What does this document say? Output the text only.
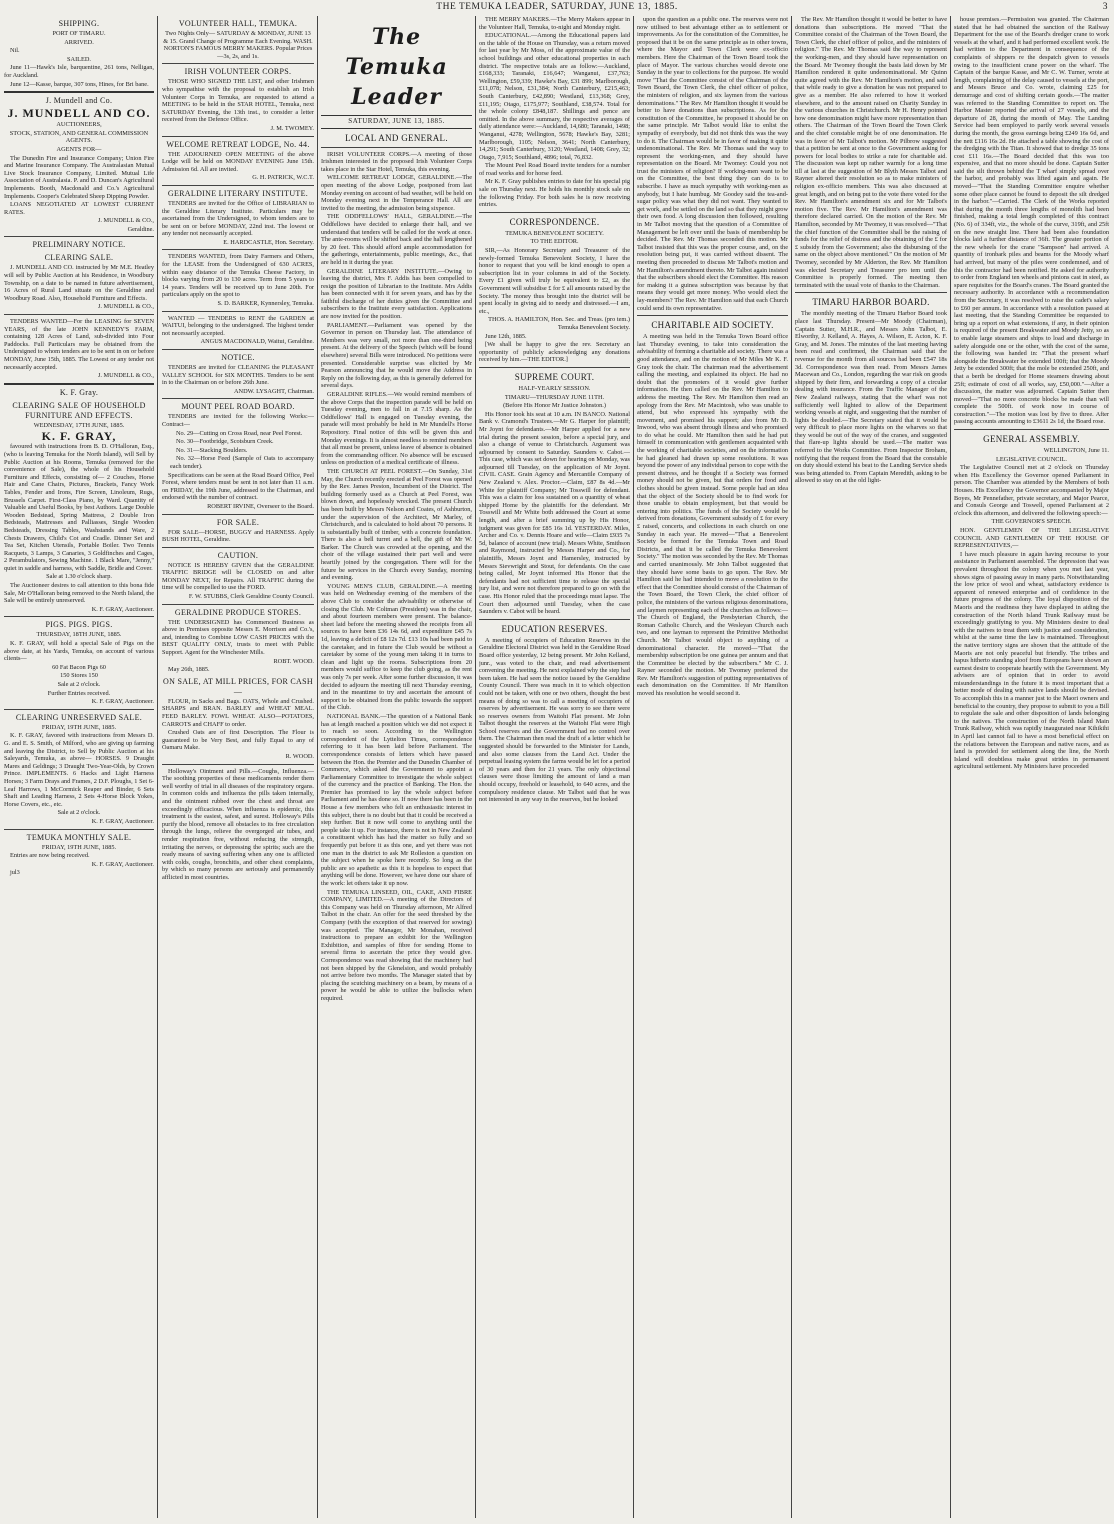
THE TEMUKA LEADER, SATURDAY, JUNE 13, 1885.	3
SHIPPING.
PORT OF TIMARU.
ARRIVED.

Nil.

SAILED.

June 11—Hawk's Isle, barquentine, 261 tons, Nelligan, for Auckland.

June 12—Kasse, barque, 307 tons, Hines, for Bri bane.

J. Mundell and Co.
J. MUNDELL AND CO.
AUCTIONEERS,
STOCK, STATION, AND GENERAL COMMISSION AGENTS.
AGENTS FOR—

The Dunedin Fire and Insurance Company; Union Fire and Marine Insurance Company. The Australasian Mutual Live Stock Insurance Company, Limited. Mutual Life Association of Australasia. P. and D. Duncan's Agricultural Implements. Booth, Macdonald and Co.'s Agricultural Implements. Cooper's Celebrated Sheep Dipping Powder.

LOANS NEGOTIATED AT LOWEST CURRENT RATES.

J. MUNDELL & CO.,

Geraldine.

PRELIMINARY NOTICE.
CLEARING SALE.

J. MUNDELL AND CO. instructed by Mr M.E. Heatley will sell by Public Auction at his Residence, in Woodbury Township, on a date to be named in future advertisement, 16 Acres of Rural Land situate on the Geraldine and Woodbury Road. Also, Household Furniture and Effects.

J. MUNDELL & CO.,

TENDERS WANTED—For the LEASING for SEVEN YEARS, of the late JOHN KENNEDY'S FARM, containing 128 Acres of Land, sub-divided into Four Paddocks. Full Particulars may be obtained from the Undersigned to whom tenders are to be sent in on or before MONDAY, June 15th, 1885. The Lowest or any tender not necessarily accepted.

J. MUNDELL & CO.,

K. F. Gray.
CLEARING SALE OF HOUSEHOLD FURNITURE AND EFFECTS.
WEDNESDAY, 17TH JUNE, 1885.
K. F. GRAY,

favoured with instructions from B. D. O'Halloran, Esq., (who is leaving Temuka for the North Island), will Sell by Public Auction at his Rooms, Temuka (removed for the convenience of Sale), the whole of his Household Furniture and Effects, consisting of— 2 Couches, Horse Hair and Cane Chairs, Pictures, Brackets, Fancy Work Tables, Fender and Irons, Fire Screen, Linoleum, Rugs, Brussels Carpet. First-Class Piano, by Ward. Quantity of Valuable and Useful Books, by best Authors. Large Double Wooden Bedstead, Spring Mattress, 2 Double Iron Bedsteads, Mattresses and Palliasses, Single Wooden Bedsteads, Dressing Tables, Washstands and Ware, 2 Chests Drawers, Child's Cot and Cradle. Dinner Set and Tea Set, Kitchen Utensils, Portable Boiler. Two Tennis Racquets, 3 Lamps, 3 Canaries, 3 Goldfinches and Cages, 2 Perambulators, Sewing Machine. 1 Black Mare, "Jenny," quiet in saddle and harness, with Saddle, Bridle and Cover.

Sale at 1.30 o'clock sharp.

The Auctioneer desires to call attention to this bona fide Sale, Mr O'Halloran being removed to the North Island, the Sale will be entirely unreserved.

K. F. GRAY, Auctioneer.

PIGS. PIGS. PIGS.
THURSDAY, 18TH JUNE, 1885.

K. F. GRAY, will hold a special Sale of Pigs on the above date, at his Yards, Temuka, on account of various clients—

60 Fat Bacon Pigs 60

150 Stores 150

Sale at 2 o'clock.
Further Entries received.

K. F. GRAY, Auctioneer.

CLEARING UNRESERVED SALE.
FRIDAY, 19TH JUNE, 1885.

K. F. GRAY, favored with instructions from Messrs D. G. and E. S. Smith, of Milford, who are giving up farming and leaving the District, to Sell by Public Auction at his Saleyards, Temuka, as above— HORSES. 9 Draught Mares and Geldings; 3 Draught Two-Year-Olds, by Crown Prince. IMPLEMENTS. 6 Hacks and Light Harness Horses; 3 Farm Drays and Frames, 2 D.F. Ploughs, 1 Set 6-Leaf Harrows, 1 McCormick Reaper and Binder, 6 Sets Shaft and Leading Harness, 2 Sets 4-Horse Block Yokes, Horse Covers, etc., etc.

Sale at 2 o'clock.

K. F. GRAY, Auctioneer.

TEMUKA MONTHLY SALE.
FRIDAY, 19TH JUNE, 1885.

Entries are now being received.

K. F. GRAY, Auctioneer.

jul3

VOLUNTEER HALL, TEMUKA.

Two Nights Only— SATURDAY & MONDAY, JUNE 13 & 15. Grand Change of Programme Each Evening. WASH. NORTON'S FAMOUS MERRY MAKERS. Popular Prices—3s, 2s, and 1s.

IRISH VOLUNTEER CORPS.

THOSE WHO SIGNED THE LIST, and other Irishmen who sympathise with the proposal to establish an Irish Volunteer Corps in Temuka, are requested to attend a MEETING to be held in the STAR HOTEL, Temuka, next SATURDAY Evening, the 13th inst., to consider a letter received from the Defence Office.

J. M. TWOMEY.

WELCOME RETREAT LODGE, No. 44.

THE ADJOURNED OPEN MEETING of the above Lodge will be held on MONDAY EVENING June 15th. Admission 6d. All are invited.

G. H. PATRICK, W.C.T.

GERALDINE LITERARY INSTITUTE.

TENDERS are invited for the Office of LIBRARIAN to the Geraldine Literary Institute. Particulars may be ascertained from the Undersigned, to whom tenders are to be sent on or before MONDAY, 22nd inst. The lowest or any tender not necessarily accepted.

E. HARDCASTLE, Hon. Secretary.

TENDERS WANTED, from Dairy Farmers and Others, for the LEASE from the Undersigned of 630 ACRES, within easy distance of the Temuka Cheese Factory, in blocks varying from 20 to 130 acres. Term from 5 years to 14 years. Tenders will be received up to June 20th. For particulars apply on the spot to

S. D. BARKER, Kynnersley, Temuka.

WANTED — TENDERS to RENT the GARDEN at WAITUI, belonging to the undersigned. The highest tender not necessarily accepted.

ANGUS MACDONALD, Waitui, Geraldine.

NOTICE.

TENDERS are invited for CLEANING the PLEASANT VALLEY SCHOOL for SIX MONTHS. Tenders to be sent in to the Chairman on or before 26th June.

ANDW. LYSAGHT, Chairman.

MOUNT PEEL ROAD BOARD.

TENDERS are invited for the following Works:— Contract—

No. 29—Cutting on Cross Road, near Peel Forest.

No. 30—Footbridge, Scotsburn Creek.

No. 31—Stacking Boulders.

No. 32—Horse Feed (Sample of Oats to accompany each tender).

Specifications can be seen at the Road Board Office, Peel Forest, where tenders must be sent in not later than 11 a.m. on FRIDAY, the 19th June, addressed to the Chairman, and endorsed with the number of contract.

ROBERT IRVINE, Overseer to the Board.

FOR SALE.

FOR SALE—HORSE, BUGGY and HARNESS. Apply BUSH HOTEL, Geraldine.

CAUTION.

NOTICE IS HEREBY GIVEN that the GERALDINE TRAFFIC BRIDGE will be CLOSED on and after MONDAY NEXT, for Repairs. All TRAFFIC during the time will be compelled to use the FORD.

F. W. STUBBS, Clerk Geraldine County Council.

GERALDINE PRODUCE STORES.

THE UNDERSIGNED has Commenced Business as above in Premises opposite Messrs E. Morrison and Co.'s, and, intending to Combine LOW CASH PRICES with the BEST QUALITY ONLY, trusts to meet with Public Support. Agent for the Winchester Mills.

ROBT. WOOD.

May 26th, 1885.

ON SALE, AT MILL PRICES, FOR CASH—

FLOUR, in Sacks and Bags. OATS, Whole and Crushed. SHARPS and BRAN. BARLEY and WHEAT MEAL. FEED BARLEY. FOWL WHEAT. ALSO—POTATOES, CARROTS and CHAFF to order.

Crushed Oats are of first Description. The Flour is guaranteed to be Very Best, and fully Equal to any of Oamaru Make.

R. WOOD.

Holloway's Ointment and Pills.—Coughs, Influenza.—The soothing properties of these medicaments render them well worthy of trial in all diseases of the respiratory organs. In common colds and influenza the pills taken internally, and the ointment rubbed over the chest and throat are exceedingly efficacious. When influenza is epidemic, this treatment is the easiest, safest, and surest. Holloway's Pills purify the blood, remove all obstacles to its free circulation through the lungs, relieve the overgorged air tubes, and render respiration free, without reducing the strength, irritating the nerves, or depressing the spirits; such are the ready means of saving suffering when any one is afflicted with colds, coughs, bronchitis, and other chest complaints, by which so many persons are seriously and permanently afflicted in most countries.

The Temuka Leader
SATURDAY, JUNE 13, 1885.
LOCAL AND GENERAL.

IRISH VOLUNTEER CORPS.—A meeting of those Irishmen interested in the proposed Irish Volunteer Corps takes place in the Star Hotel, Temuka, this evening.

WELCOME RETREAT LODGE, GERALDINE.—The open meeting of the above Lodge, postponed from last Monday evening on account of bad weather, will be held on Monday evening next in the Temperance Hall. All are invited to the meeting, the admission being sixpence.

THE ODDFELLOWS' HALL, GERALDINE.—The Oddfellows have decided to enlarge their hall, and we understand that tenders will be called for the work at once. The ante-rooms will be shifted back and the hall lengthened by 20 feet. This should afford ample accommodation for the gatherings, entertainments, public meetings, &c., that are held in it during the year.

GERALDINE LITERARY INSTITUTE.—Owing to leaving the district, Mrs F. Addis has been compelled to resign the position of Librarian to the Institute. Mrs Addis has been connected with it for seven years, and has by the faithful discharge of her duties given the Committee and subscribers to the Institute every satisfaction. Applications are now invited for the position.

PARLIAMENT.—Parliament was opened by the Governor in person on Thursday last. The attendance of Members was very small, not more than one-third being present. At the delivery of the Speech (which will be found elsewhere) several Bills were introduced. No petitions were presented. Considerable surprise was elicited by Mr Pearson announcing that he would move the Address in Reply on the following day, as this is generally deferred for several days.

GERALDINE RIFLES.—We would remind members of the above Corps that the inspection parade will be held on Tuesday evening, men to fall in at 7.15 sharp. As the Oddfellows' Hall is engaged on Tuesday evening, the parade will most probably be held in Mr Mundell's Horse Repository. Final notice of this will be given this and Monday evenings. It is almost needless to remind members that all must be present, unless leave of absence is obtained from the commanding officer. No absence will be excused unless on production of a medical certificate of illness.

THE CHURCH AT PEEL FOREST.—On Sunday, 31st May, the Church recently erected at Peel Forest was opened by the Rev. James Preston, Incumbent of the District. The building formerly used as a Church at Peel Forest, was blown down, and hopelessly wrecked. The present Church has been built by Messrs Nelson and Coates, of Ashburton, under the supervision of the Architect, Mr Marley, of Christchurch, and is calculated to hold about 70 persons. It is substantially built of timber, with a concrete foundation. There is also a bell turret and a bell, the gift of Mr W. Barker. The Church was crowded at the opening, and the choir of the village sustained their part well and were heartily joined by the congregation. There will for the future be services in the Church every Sunday, morning and evening.

YOUNG MEN'S CLUB, GERALDINE.—A meeting was held on Wednesday evening of the members of the above Club to consider the advisability or otherwise of closing the Club. Mr Coltman (President) was in the chair, and about fourteen members were present. The balance-sheet laid before the meeting showed the receipts from all sources to have been £36 14s 6d, and expenditure £45 7s 1d, leaving a deficit of £8 12s 7d. £13 10s had been paid to the caretaker, and in future the Club would be without a caretaker by some of the young men taking it in turns to clean and light up the rooms. Subscriptions from 20 members would suffice to keep the club going, as the rent was only 7s per week. After some further discussion, it was decided to adjourn the meeting till next Thursday evening, and in the meantime to try and ascertain the amount of support to be obtained from the public towards the support of the Club.

NATIONAL BANK.—The question of a National Bank has at length reached a position which we did not expect it to reach so soon. According to the Wellington correspondent of the Lyttelton Times, correspondence referring to it has been laid before Parliament. The correspondence consists of letters which have passed between the Hon. the Premier and the Dunedin Chamber of Commerce, which asked the Government to appoint a Parliamentary Committee to investigate the whole subject of the currency and the practice of Banking. The Hon. the Premier has promised to lay the whole subject before Parliament and he has done so. If now there has been in the House a few members who felt an enthusiastic interest in this subject, there is no doubt but that it could be received a step further. But it now will come to anything until the people take it up. For instance, there is not in New Zealand a constituent which has had the matter so fully and so frequently put before it as this one, and yet there was not one man in the district to ask Mr Rolleston a question on the subject when he spoke here recently. So long as the public are so apathetic as this it is hopeless to expect that anything will be done. However, we have done our share of the work: let others take it up now.

THE TEMUKA LINSEED, OIL, CAKE, AND FIBRE COMPANY, LIMITED.—A meeting of the Directors of this Company was held on Thursday afternoon, Mr Alfred Talbot in the chair. An offer for the seed threshed by the Company (with the exception of that reserved for sowing) was accepted. The Manager, Mr Monahan, received instructions to prepare an exhibit for the Wellington Exhibition, and samples of fibre for sending Home to several firms to ascertain the price they would give. Correspondence was read showing that the machinery had not been shipped by the Glenelsion, and would probably not arrive before two months. The Manager stated that by placing the scutching machinery on a beam, by means of a power he would be able to utilize the bullocks when required.

THE MERRY MAKERS.—The Merry Makers appear in the Volunteer Hall, Temuka, to-night and Monday night.

EDUCATIONAL.—Among the Educational papers laid on the table of the House on Thursday, was a return moved for last year by Mr Moss, of the approximate value of the school buildings and other educational properties in each district. The respective totals are as follow:—Auckland, £168,333; Taranaki, £16,647; Wanganui, £37,763; Wellington, £59,339; Hawke's Bay, £31 899; Marlborough, £11,078; Nelson, £31,384; North Canterbury, £215,463; South Canterbury, £42,890; Westland, £13,368; Grey, £11,195; Otago, £175,977; Southland, £38,574. Total for the whole colony £848,187. Shillings and pence are omitted. In the above summary, the respective averages of daily attendance were:—Auckland, 14,680; Taranaki, 1498; Wanganui, 4278; Wellington, 5678; Hawke's Bay, 3281; Marlborough, 1105; Nelson, 3641; North Canterbury, 14,291; South Canterbury, 3120; Westland, 1408; Grey, 32; Otago, 7,915; Southland, 4896; total, 76,832.

The Mount Peel Road Board invite tenders for a number of road works and for horse feed.

Mr K. F. Gray publishes entries to date for his special pig sale on Thursday next. He holds his monthly stock sale on the following Friday. For both sales he is now receiving entries.

CORRESPONDENCE.
TEMUKA BENEVOLENT SOCIETY.
TO THE EDITOR.

SIR,—As Honorary Secretary and Treasurer of the newly-formed Temuka Benevolent Society, I have the honor to request that you will be kind enough to open a subscription list in your columns in aid of the Society. Every £1 given will truly be equivalent to £2, as the Government will subsidise £ for £ all amounts raised by the Society. The money thus brought into the district will be spent locally in giving aid to needy and distressed.—I am, etc.,

THOS. A. HAMILTON, Hon. Sec. and Treas. (pro tem.) Temuka Benevolent Society.

June 12th, 1885.

[We shall be happy to give the rev. Secretary an opportunity of publicly acknowledging any donations received by him.—THE EDITOR.]

SUPREME COURT.
HALF-YEARLY SESSION.
TIMARU—THURSDAY JUNE 11TH.
(Before His Honor Mr Justice Johnston.)

His Honor took his seat at 10 a.m. IN BANCO. National Bank v. Cramond's Trustees.—Mr G. Harper for plaintiff; Mr Joynt for defendants.—Mr Harper applied for a new trial during the present session, before a special jury, and also a change of venue to Christchurch. Argument was adjourned by consent to Saturday. Saunders v. Cabot.—This case, which was set down for hearing on Monday, was adjourned till Tuesday, on the application of Mr Joynt. CIVIL CASE. Grain Agency and Mercantile Company of New Zealand v. Alex. Proctor.—Claim, £87 8s 4d.—Mr White for plaintiff Company; Mr Tosswill for defendant. This was a claim for loss sustained on a quantity of wheat shipped Home by the plaintiffs for the defendant. Mr Tosswill and Mr White both addressed the Court at some length, and after a brief summing up by His Honor, judgment was given for £85 16s 1d. YESTERDAY. Miles, Archer and Co. v. Dennis Hoare and wife—Claim £935 7s 5d, balance of account (new trial). Messrs White, Smithson and Raymond, instructed by Messrs Harper and Co., for plaintiffs, Messrs Joynt and Hamersley, instructed by Messrs Sievwright and Stout, for defendants. On the case being called, Mr Joynt informed His Honor that the defendants had not sufficient time to release the special jury list, and were not therefore prepared to go on with the case. His Honor ruled that the proceedings must lapse. The Court then adjourned until Tuesday, when the case Saunders v. Cabot will be heard.

EDUCATION RESERVES.

A meeting of occupiers of Education Reserves in the Geraldine Electoral District was held in the Geraldine Road Board office yesterday, 12 being present. Mr John Kelland, junr., was voted to the chair, and read advertisement convening the meeting. He next explained why the step had been taken. He had seen the notice issued by the Geraldine County Council. There was much in it to which objection could not be taken, with one or two others, thought the best means of doing so was to call a meeting of occupiers of reserves by advertisement. He was sorry to see there were so reserves owners from Waitohi Flat present. Mr John Talbot thought the reserves at the Waitohi Flat were High School reserves and the Government had no control over them. The Chairman then read the draft of a letter which he suggested should be forwarded to the Minister for Lands, and also some clauses from the Land Act. Under the perpetual leasing system the farms would be let for a period of 30 years and then for 21 years. The only objectional clauses were those limiting the amount of land a man should occupy, freehold or leasehold, to 640 acres, and the compulsory residence clause. Mr Talbot said that he was not interested in any way in the reserves, but he looked

upon the question as a public one. The reserves were not now utilised to best advantage either as to settlement or improvements. As for the constitution of the Committee, he proposed that it be on the same principle as in other towns, where the Mayor and Town Clerk were ex-officio members. Here the Chairman of the Town Board took the place of Mayor. The various churches would devote one Sunday in the year to collections for the purpose. He would move "That the Committee consist of the Chairman of the Town Board, the Town Clerk, the chief officer of police, the ministers of religion, and six laymen from the various denominations." The Rev. Mr Hamilton thought it would be better to have donations than subscriptions. As for the constitution of the Committee, he proposed it should be on the same principle. Mr Talbot would like to enlist the sympathy of everybody, but did not think this was the way to do it. The Chairman would be in favor of making it quite undenominational. The Rev. Mr Thomas said the way to represent the working-men, and they should have representation on the Board. Mr Twomey: Could you not trust the ministers of religion? If working-men want to be on the Committee, the best thing they can do is to subscribe. I have as much sympathy with working-men as anybody, but I hate humbug. Mr Goodey said the tea-and-sugar policy was what they did not want. They wanted to get work, and be settled on the land so that they might grow their own food. A long discussion then followed, resulting in Mr Talbot moving that the question of a Committee of Management be left over until the basis of membership be decided. The Rev. Mr Thomas seconded this motion. Mr Talbot insisted that this was the proper course, and, on the resolution being put, it was carried without dissent. The meeting then proceeded to discuss Mr Talbot's motion and Mr Hamilton's amendment thereto. Mr Talbot again insisted that the subscribers should elect the Committee. His reason for making it a guinea subscription was because by that means they would get more money. Who would elect the lay-members? The Rev. Mr Hamilton said that each Church could send its own representative.

CHARITABLE AID SOCIETY.

A meeting was held in the Temuka Town Board office last Thursday evening, to take into consideration the advisability of forming a charitable aid society. There was a good attendance, and on the motion of Mr Miles Mr K. F. Gray took the chair. The chairman read the advertisement calling the meeting, and explained its object. He had no doubt that the promoters of it would give further information. He then called on the Rev. Mr Hamilton to address the meeting. The Rev. Mr Hamilton then read an apology from the Rev. Mr Macintosh, who was unable to attend, but who expressed his sympathy with the movement, and promised his support; also from Mr D. Inwood, who was absent through illness and who promised to do what he could. Mr Hamilton then said he had put himself in communication with gentlemen acquainted with the working of charitable societies, and on the information he had gleaned had drawn up some resolutions. It was beyond the power of any individual person to cope with the present distress, and he thought if a Society was formed money should not be given, but that orders for food and clothes should be given instead. Some people had an idea that the object of the Society should be to find work for those unable to obtain employment, but that would be entering into politics. The funds of the Society would be derived from donations, Government subsidy of £ for every £ raised, concerts, and collections in each church on one Sunday in each year. He moved—"That a Benevolent Society be formed for the Temuka Town and Road Districts, and that it be called the Temuka Benevolent Society." The motion was seconded by the Rev. Mr Thomas and carried unanimously. Mr John Talbot suggested that they should have some basis to go upon. The Rev. Mr Hamilton said he had intended to move a resolution to the effect that the Committee should consist of the Chairman of the Town Board, the Town Clerk, the chief officer of police, the ministers of the various religious denominations, and laymen representing each of the churches as follows:—The Church of England, the Presbyterian Church, the Roman Catholic Church, and the Wesleyan Church each two, and one layman to represent the Primitive Methodist Church. Mr Talbot would object to anything of a denominational character. He moved—"That the membership subscription be one guinea per annum and that the Committee be elected by the subscribers." Mr C. J. Rayner seconded the motion. Mr Twomey preferred the Rev. Mr Hamilton's suggestion of putting representatives of each denomination on the Committee. If Mr Hamilton moved his resolution he would second it.

The Rev. Mr Hamilton thought it would be better to have donations than subscriptions. He moved "That the Committee consist of the Chairman of the Town Board, the Town Clerk, the chief officer of police, and the ministers of religion." The Rev. Mr Thomas said the way to represent the working-men, and they should have representation on the Board. Mr Twomey thought the basis laid down by Mr Hamilton rendered it quite undenominational. Mr Quinn quite agreed with the Rev. Mr Hamilton's motion, and said that while ready to give a donation he was not prepared to give as a member. He also referred to how it worked elsewhere, and to the amount raised on Charity Sunday in the various churches in Christchurch. Mr H. Henry pointed how one denomination might have more representation than others. The Chairman of the Town Board the Town Clerk and the chief constable might be of one denomination. He was in favor of Mr Talbot's motion. Mr Pilbrow suggested that a petition be sent at once to the Government asking for powers for local bodies to strike a rate for charitable aid. The discussion was kept up rather warmly for a long time till at last at the suggestion of Mr Blyth Messrs Talbot and Rayner altered their resolution so as to make ministers of religion ex-officio members. This was also discussed at great length, and on being put to the vote there voted for the Rev. Mr Hamilton's amendment six and for Mr Talbot's motion five. The Rev. Mr Hamilton's amendment was therefore declared carried. On the motion of the Rev. Mr Hamilton, seconded by Mr Twomey, it was resolved—"That the chief function of the Committee shall be the raising of funds for the relief of distress and the obtaining of the £ for £ subsidy from the Government; also the disbursing of the same on the object above mentioned." On the motion of Mr Twomey, seconded by Mr Alderton, the Rev. Mr Hamilton was elected Secretary and Treasurer pro tem until the Committee is properly formed. The meeting then terminated with the usual vote of thanks to the Chairman.

TIMARU HARBOR BOARD.

The monthly meeting of the Timaru Harbor Board took place last Thursday. Present—Mr Moody (Chairman), Captain Sutter, M.H.R., and Messrs John Talbot, E. Elworthy, J. Kelland, A. Hayes, A. Wilson, E. Acton, K. F. Gray, and M. Jones. The minutes of the last meeting having been read and confirmed, the Chairman said that the revenue for the month from all sources had been £547 18s 3d. Correspondence was then read. From Messrs James Macewan and Co., London, regarding the war risk on goods shipped by their firm, and forwarding a copy of a circular dealing with insurance. From the Traffic Manager of the New Zealand railways, stating that the wharf was not sufficiently well lighted to allow of the Department working vessels at night, and suggesting that the number of lights be doubled.—The Secretary stated that it would be very difficult to place more lights on the wharves so that they would be out of the way of the cranes, and suggested that flare-up lights should be used.—The matter was referred to the Works Committee. From Inspector Broham, notifying that the request from the Board that the constable on duty should extend his beat to the Landing Service sheds was being attended to. From Captain Meredith, asking to be allowed to stay on at the old light-

house premises.—Permission was granted. The Chairman stated that he had obtained the sanction of the Railway Department for the use of the Board's dredger crane to work vessels at the wharf, and it had performed excellent work. He had written to the Department in consequence of the complaints of shippers re the despatch given to vessels owing to the insufficient crane power on the wharf. The Captain of the barque Kasse, and Mr C. W. Turner, wrote at length, complaining of the delay caused to vessels at the port, and Messrs Bruce and Co. wrote, claiming £25 for demurrage and cost of shifting certain goods.—The matter was referred to the Standing Committee to report on. The Harbor Master reported the arrival of 27 vessels, and the departure of 28, during the month of May. The Landing Service had been employed to partly work several vessels during the month, the gross earnings being £249 16s 6d, and the nett £116 16s 2d. He attached a table showing the cost of the dredging with the Titan. It showed that to dredge 35 tons cost £11 16s.—The Board decided that this was too expensive, and that no more should be done. Captain Sutter said the silt thrown behind the T wharf simply spread over the harbor, and probably was lifted again and again. He moved—"That the Standing Committee enquire whether some other place cannot be found to deposit the silt dredged in the harbor."—Carried. The Clerk of the Works reported that during the month three lengths of monolith had been finished, making a total length completed of this contract (No. 6) of 334ft, viz., the whole of the curve, 319ft, and 25ft on the new straight line. There had been also foundation blocks laid a further distance of 36ft. The greater portion of the new wheels for the crane "Sampson" had arrived. A quantity of ironbark piles and beams for the Moody wharf had arrived, but many of the piles were condemned, and of this the contractor had been notified. He asked for authority to order from England ten wheels and pinions cast in steel, as spare requisites for the Board's cranes. The Board granted the necessary authority. In accordance with a recommendation from the Secretary, it was resolved to raise the cadet's salary to £60 per annum. In accordance with a resolution passed at last meeting, that the Standing Committee be requested to bring up a report on what extensions, if any, in their opinion is required of the present Breakwater and Moody Jetty, so as to enable large steamers and ships to load and discharge in safety alongside one or the other, with the cost of the same, the following was handed in: "That the present wharf alongside the Breakwater be extended 100ft; that the Moody Jetty be extended 300ft; that the mole be extended 250ft, and that a berth be dredged for Home steamers drawing about 25ft; estimate of cost of all works, say, £50,000."—After a discussion, the matter was adjourned. Captain Sutter then moved—"That no more concrete blocks be made than will complete the 500ft. of work now in course of construction."—The motion was lost by five to three. After passing accounts amounting to £3611 2s 1d, the Board rose.

GENERAL ASSEMBLY.

WELLINGTON, June 11.

LEGISLATIVE COUNCIL.

The Legislative Council met at 2 o'clock on Thursday when His Excellency the Governor opened Parliament in person. The Chamber was attended by the Members of both Houses. His Excellency the Governor accompanied by Major Boyes, Mr Pennefather, private secretary, and Major Pearce, and Consuls George and Toswell, opened Parliament at 2 o'clock this afternoon, and delivered the following speech:—

THE GOVERNOR'S SPEECH.

HON. GENTLEMEN OF THE LEGISLATIVE COUNCIL AND GENTLEMEN OF THE HOUSE OF REPRESENTATIVES,—

I have much pleasure in again having recourse to your assistance in Parliament assembled. The depression that was prevalent throughout the colony when you met last year, shows signs of passing away in many parts. Notwithstanding the low price of wool and wheat, satisfactory evidence is apparent of renewed enterprise and of confidence in the future progress of the colony. The loyal disposition of the Maoris and the readiness they have displayed in aiding the construction of the North Island Trunk Railway must be exceedingly gratifying to you. My Ministers desire to deal with the natives to treat them with justice and consideration, whilst at the same time the law is maintained. Throughout the native territory signs are shown that the attitude of the Maoris are not only peaceful but friendly. The tribes and hapus hitherto standing aloof from Europeans have shown an earnest desire to cooperate heartily with the Government. My advisers are of opinion that in order to avoid misunderstandings in the future it is most important that a better mode of dealing with native lands should be devised. To accomplish this in a manner just to the Maori owners and beneficial to the country, they propose to submit to you a Bill to regulate the sale and other disposition of lands belonging to the natives. The construction of the North Island Main Trunk Railway, which was rapidly inaugurated near Kihikihi in April last cannot fail to have a most beneficial effect on the relations between the European and native races, and as land is provided for settlement along the line, the North Island will doubtless make great strides in permanent agricultural settlement. My Ministers have proceeded
